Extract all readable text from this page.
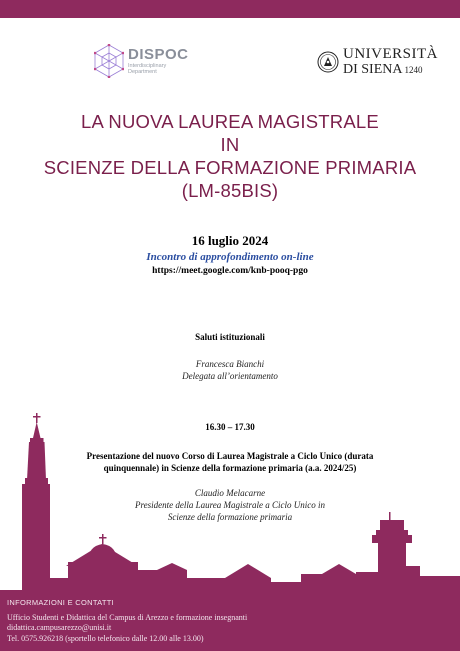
DISPOC
Interdisciplinary
Department
UNIVERSITÀ
DI SIENA 1240
LA NUOVA LAUREA MAGISTRALE
IN
SCIENZE DELLA FORMAZIONE PRIMARIA
(LM-85BIS)
16 luglio 2024
Incontro di approfondimento on-line
https://meet.google.com/knb-pooq-pgo
Saluti istituzionali
Francesca Bianchi
Delegata all’orientamento
16.30 – 17.30
Presentazione del nuovo Corso di Laurea Magistrale a Ciclo Unico (durata
quinquennale) in Scienze della formazione primaria (a.a. 2024/25)
Claudio Melacarne
Presidente della Laurea Magistrale a Ciclo Unico in
Scienze della formazione primaria
INFORMAZIONI E CONTATTI
Ufficio Studenti e Didattica del Campus di Arezzo e formazione insegnanti
didattica.campusarezzo@unisi.it
Tel. 0575.926218 (sportello telefonico dalle 12.00 alle 13.00)
